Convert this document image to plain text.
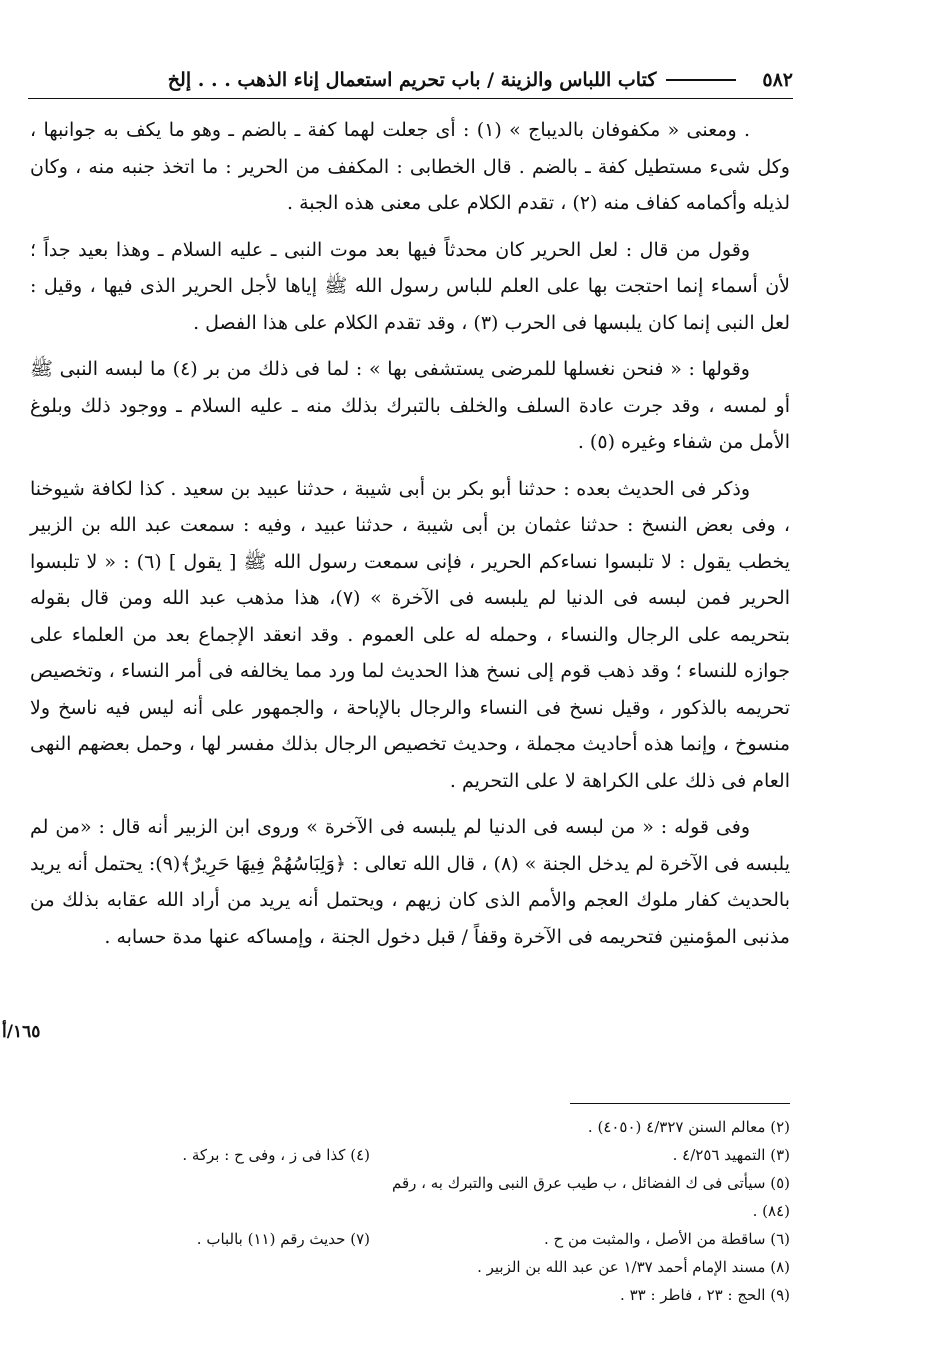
٥٨٢
كتاب اللباس والزينة / باب تحريم استعمال إناء الذهب . . . إلخ

. ومعنى « مكفوفان بالديباج » (١) : أى جعلت لهما كفة ـ بالضم ـ وهو ما يكف به جوانبها ، وكل شىء مستطيل كفة ـ بالضم . قال الخطابى : المكفف من الحرير : ما اتخذ جنبه منه ، وكان لذيله وأكمامه كفاف منه (٢) ، تقدم الكلام على معنى هذه الجبة .

وقول من قال : لعل الحرير كان محدثاً فيها بعد موت النبى ـ عليه السلام ـ وهذا بعيد جداً ؛ لأن أسماء إنما احتجت بها على العلم للباس رسول الله ﷺ إياها لأجل الحرير الذى فيها ، وقيل : لعل النبى إنما كان يلبسها فى الحرب (٣) ، وقد تقدم الكلام على هذا الفصل .

وقولها : « فنحن نغسلها للمرضى يستشفى بها » : لما فى ذلك من بر (٤) ما لبسه النبى ﷺ أو لمسه ، وقد جرت عادة السلف والخلف بالتبرك بذلك منه ـ عليه السلام ـ ووجود ذلك وبلوغ الأمل من شفاء وغيره (٥) .

وذكر فى الحديث بعده : حدثنا أبو بكر بن أبى شيبة ، حدثنا عبيد بن سعيد . كذا لكافة شيوخنا ، وفى بعض النسخ : حدثنا عثمان بن أبى شيبة ، حدثنا عبيد ، وفيه : سمعت عبد الله بن الزبير يخطب يقول : لا تلبسوا نساءكم الحرير ، فإنى سمعت رسول الله ﷺ [ يقول ] (٦) : « لا تلبسوا الحرير فمن لبسه فى الدنيا لم يلبسه فى الآخرة » (٧)، هذا مذهب عبد الله ومن قال بقوله بتحريمه على الرجال والنساء ، وحمله له على العموم . وقد انعقد الإجماع بعد من العلماء على جوازه للنساء ؛ وقد ذهب قوم إلى نسخ هذا الحديث لما ورد مما يخالفه فى أمر النساء ، وتخصيص تحريمه بالذكور ، وقيل نسخ فى النساء والرجال بالإباحة ، والجمهور على أنه ليس فيه ناسخ ولا منسوخ ، وإنما هذه أحاديث مجملة ، وحديث تخصيص الرجال بذلك مفسر لها ، وحمل بعضهم النهى العام فى ذلك على الكراهة لا على التحريم .

وفى قوله : « من لبسه فى الدنيا لم يلبسه فى الآخرة » وروى ابن الزبير أنه قال : «من لم يلبسه فى الآخرة لم يدخل الجنة » (٨) ، قال الله تعالى : ﴿وَلِبَاسُهُمْ فِيهَا حَرِيرٌ﴾(٩): يحتمل أنه يريد بالحديث كفار ملوك العجم والأمم الذى كان زيهم ، ويحتمل أنه يريد من أراد الله عقابه بذلك من مذنبى المؤمنين فتحريمه فى الآخرة وقفاً / قبل دخول الجنة ، وإمساكه عنها مدة حسابه .

١٦٥/أ
(٢) معالم السنن ٤/٣٢٧ (٤٠٥٠) .
(٣) التمهيد ٤/٢٥٦ .
(٤) كذا فى ز ، وفى ح : بركة .
(٥) سيأتى فى ك الفضائل ، ب طيب عرق النبى والتبرك به ، رقم (٨٤) .
(٦) ساقطة من الأصل ، والمثبت من ح .
(٧) حديث رقم (١١) بالباب .
(٨) مسند الإمام أحمد ١/٣٧ عن عبد الله بن الزبير .
(٩) الحج : ٢٣ ، فاطر : ٣٣ .
